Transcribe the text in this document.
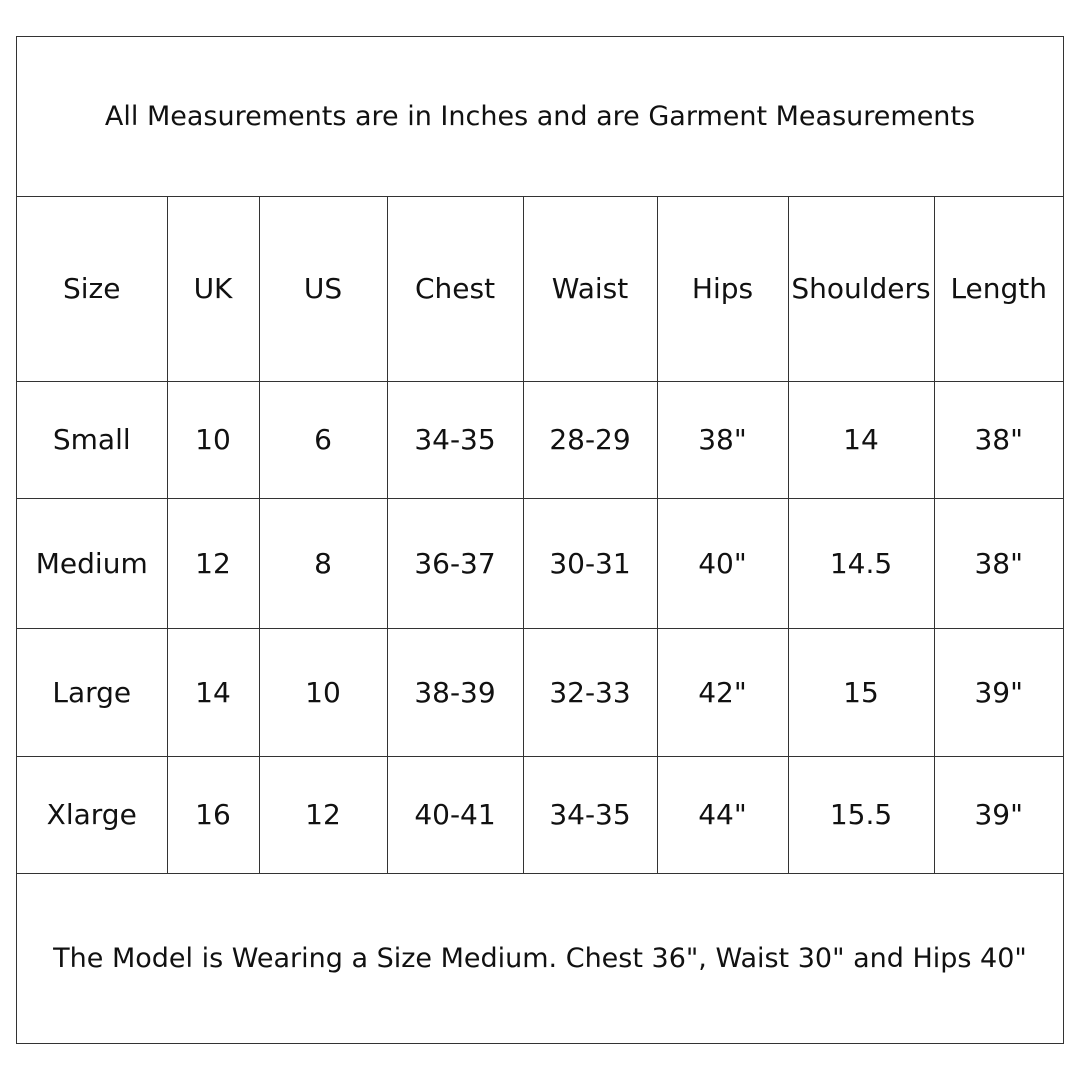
All Measurements are in Inches and are Garment Measurements
Size	UK	US	Chest	Waist	Hips	Shoulders	Length
Small	10	6	34-35	28-29	38"	14	38"
Medium	12	8	36-37	30-31	40"	14.5	38"
Large	14	10	38-39	32-33	42"	15	39"
Xlarge	16	12	40-41	34-35	44"	15.5	39"
The Model is Wearing a Size Medium. Chest 36", Waist 30" and Hips 40"
